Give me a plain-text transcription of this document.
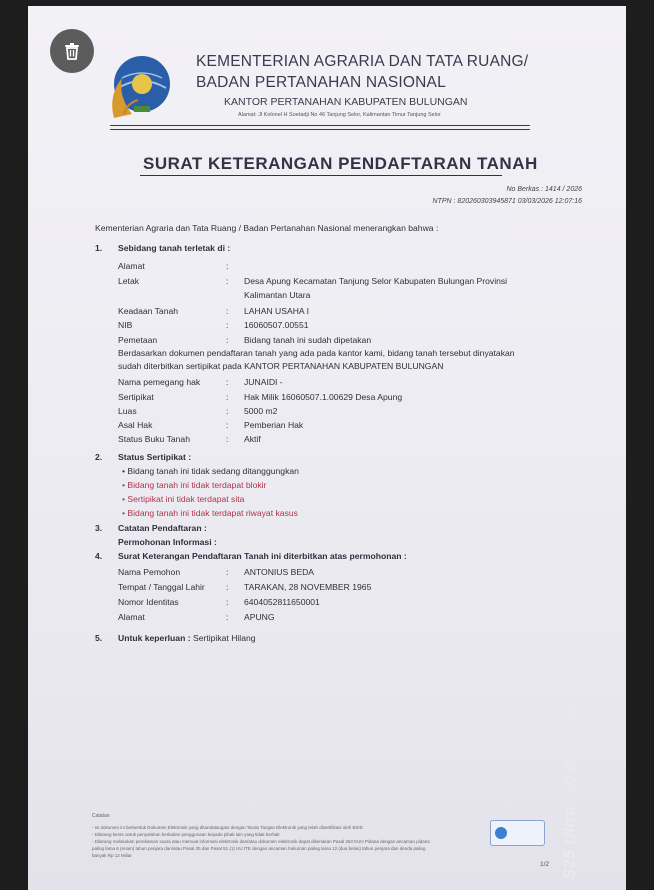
KEMENTERIAN AGRARIA DAN TATA RUANG/
BADAN PERTANAHAN NASIONAL
KANTOR PERTANAHAN KABUPATEN BULUNGAN
Alamat: Jl Kolonel H Soetadji No 46 Tanjung Selor, Kalimantan Timur Tanjung Selor
SURAT KETERANGAN PENDAFTARAN TANAH
No Berkas : 1414 / 2026
NTPN : 820260303945871 03/03/2026 12:07:16
Kementerian Agraria dan Tata Ruang / Badan Pertanahan Nasional menerangkan bahwa :
1. Sebidang tanah terletak di :
Alamat	:
Letak	: Desa Apung Kecamatan Tanjung Selor Kabupaten Bulungan Provinsi
Kalimantan Utara
Keadaan Tanah	: LAHAN USAHA I
NIB	: 16060507.00551
Pemetaan	: Bidang tanah ini sudah dipetakan
Berdasarkan dokumen pendaftaran tanah yang ada pada kantor kami, bidang tanah tersebut dinyatakan
sudah diterbitkan sertipikat pada KANTOR PERTANAHAN KABUPATEN BULUNGAN
Nama pemegang hak	: JUNAIDI -
Sertipikat	: Hak Milik 16060507.1.00629 Desa Apung
Luas	: 5000 m2
Asal Hak	: Pemberian Hak
Status Buku Tanah	: Aktif
2. Status Sertipikat :
• Bidang tanah ini tidak sedang ditanggungkan
• Bidang tanah ini tidak terdapat blokir
• Sertipikat ini tidak terdapat sita
• Bidang tanah ini tidak terdapat riwayat kasus
3. Catatan Pendaftaran :
Permohonan Informasi :
4. Surat Keterangan Pendaftaran Tanah ini diterbitkan atas permohonan :
Nama Pemohon	: ANTONIUS BEDA
Tempat / Tanggal Lahir : TARAKAN, 28 NOVEMBER 1965
Nomor Identitas	: 6404052811650001
Alamat	: APUNG
5. Untuk keperluan : Sertipikat Hilang
Catatan
- Isi dokumen ini berbentuk Dokumen Elektronik yang ditandatangani dengan Tanda Tangan Elektronik yang telah disertifikasi oleh BSrE
- Dilarang keras untuk penyalahan berkaitan penggunaan kepada pihak lain yang tidak berhak
- Dilarang melakukan perekaman suara atau memuat informasi elektronik dan/atau dokumen elektronik dapat dikenakan Pasal 263 KUH Pidana dengan ancaman pidana
paling lama 6 (enam) tahun penjara dan/atau Pasal 35 dan Pasal 51 (1) UU ITE dengan ancaman hukuman paling lama 12 (dua belas) tahun penjara dan denda paling
banyak Rp 12 Miliar
1/2 S25 Ultra2026/03/11 12:06
